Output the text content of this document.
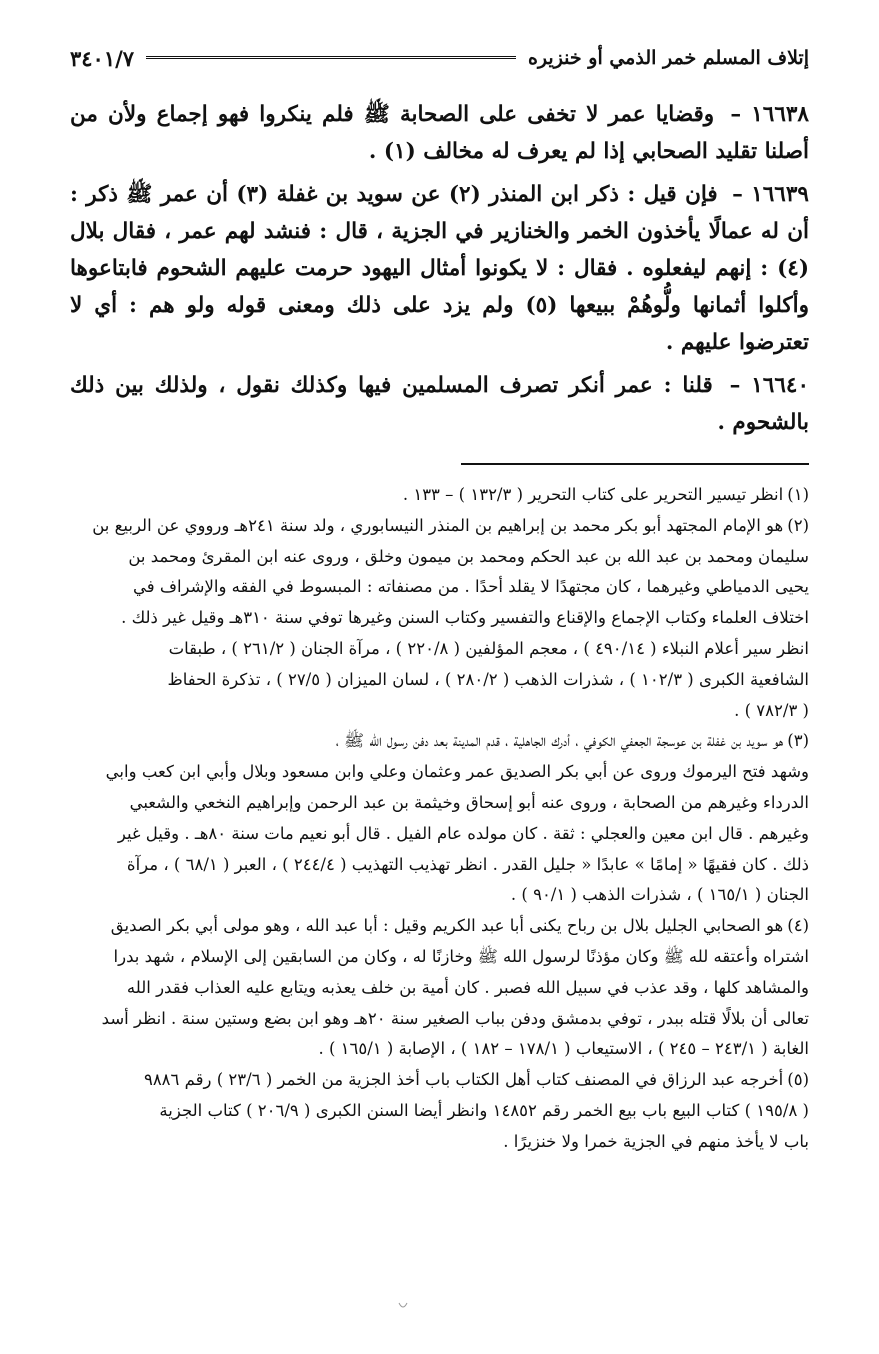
إتلاف المسلم خمر الذمي أو خنزيره
٣٤٠١/٧

١٦٦٣٨ – وقضايا عمر لا تخفى على الصحابة ﷺ فلم ينكروا فهو إجماع ولأن من أصلنا تقليد الصحابي إذا لم يعرف له مخالف (١) .

١٦٦٣٩ – فإن قيل : ذكر ابن المنذر (٢) عن سويد بن غفلة (٣) أن عمر ﷺ ذكر : أن له عمالًا يأخذون الخمر والخنازير في الجزية ، قال : فنشد لهم عمر ، فقال بلال (٤) : إنهم ليفعلوه . فقال : لا يكونوا أمثال اليهود حرمت عليهم الشحوم فابتاعوها وأكلوا أثمانها ولُّوهُمْ ببيعها (٥) ولم يزد على ذلك ومعنى قوله ولو هم : أي لا تعترضوا عليهم .

١٦٦٤٠ – قلنا : عمر أنكر تصرف المسلمين فيها وكذلك نقول ، ولذلك بين ذلك بالشحوم .

(١)انظر تيسير التحرير على كتاب التحرير ( ١٣٢/٣ ) – ١٣٣ .
(٢)هو الإمام المجتهد أبو بكر محمد بن إبراهيم بن المنذر النيسابوري ، ولد سنة ٢٤١هـ ورووي عن الربيع بن
سليمان ومحمد بن عبد الله بن عبد الحكم ومحمد بن ميمون وخلق ، وروى عنه ابن المقرئ ومحمد بن
يحيى الدمياطي وغيرهما ، كان مجتهدًا لا يقلد أحدًا . من مصنفاته : المبسوط في الفقه والإشراف في
اختلاف العلماء وكتاب الإجماع والإقناع والتفسير وكتاب السنن وغيرها توفي سنة ٣١٠هـ وقيل غير ذلك .
انظر سير أعلام النبلاء ( ٤٩٠/١٤ ) ، معجم المؤلفين ( ٢٢٠/٨ ) ، مرآة الجنان ( ٢٦١/٢ ) ، طبقات
الشافعية الكبرى ( ١٠٢/٣ ) ، شذرات الذهب ( ٢٨٠/٢ ) ، لسان الميزان ( ٢٧/٥ ) ، تذكرة الحفاظ
( ٧٨٢/٣ ) .
(٣)هو سويد بن غفلة بن عوسجة الجعفي الكوفي ، أدرك الجاهلية ، قدم المدينة بعد دفن رسول الله ﷺ ،
وشهد فتح اليرموك وروى عن أبي بكر الصديق عمر وعثمان وعلي وابن مسعود وبلال وأبي ابن كعب وابي
الدرداء وغيرهم من الصحابة ، وروى عنه أبو إسحاق وخيثمة بن عبد الرحمن وإبراهيم النخعي والشعبي
وغيرهم . قال ابن معين والعجلي : ثقة . كان مولده عام الفيل . قال أبو نعيم مات سنة ٨٠هـ . وقيل غير
ذلك . كان فقيهًا « إمامًا » عابدًا « جليل القدر . انظر تهذيب التهذيب ( ٢٤٤/٤ ) ، العبر ( ٦٨/١ ) ، مرآة
الجنان ( ١٦٥/١ ) ، شذرات الذهب ( ٩٠/١ ) .
(٤)هو الصحابي الجليل بلال بن رباح يكنى أبا عبد الكريم وقيل : أبا عبد الله ، وهو مولى أبي بكر الصديق
اشتراه وأعتقه لله ﷺ وكان مؤذنًا لرسول الله ﷺ وخازنًا له ، وكان من السابقين إلى الإسلام ، شهد بدرا
والمشاهد كلها ، وقد عذب في سبيل الله فصبر . كان أمية بن خلف يعذبه ويتابع عليه العذاب فقدر الله
تعالى أن بلالًا قتله ببدر ، توفي بدمشق ودفن بباب الصغير سنة ٢٠هـ وهو ابن بضع وستين سنة . انظر أسد
الغابة ( ٢٤٣/١ – ٢٤٥ ) ، الاستيعاب ( ١٧٨/١ – ١٨٢ ) ، الإصابة ( ١٦٥/١ ) .
(٥)أخرجه عبد الرزاق في المصنف كتاب أهل الكتاب باب أخذ الجزية من الخمر ( ٢٣/٦ ) رقم ٩٨٨٦
( ١٩٥/٨ ) كتاب البيع باب بيع الخمر رقم ١٤٨٥٢ وانظر أيضا السنن الكبرى ( ٢٠٦/٩ ) كتاب الجزية
باب لا يأخذ منهم في الجزية خمرا ولا خنزيرًا .
